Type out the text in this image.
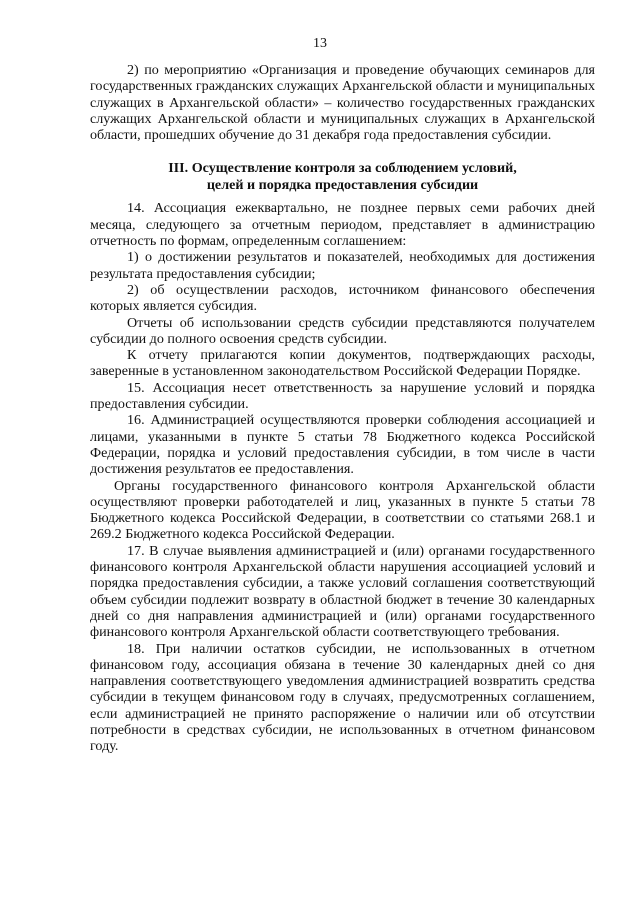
13

2) по мероприятию «Организация и проведение обучающих семинаров для государственных гражданских служащих Архангельской области и муниципальных служащих в Архангельской области» – количество государственных гражданских служащих Архангельской области и муниципальных служащих в Архангельской области, прошедших обучение до 31 декабря года предоставления субсидии.

III. Осуществление контроля за соблюдением условий,
целей и порядка предоставления субсидии

14. Ассоциация ежеквартально, не позднее первых семи рабочих дней месяца, следующего за отчетным периодом, представляет в администрацию отчетность по формам, определенным соглашением:

1) о достижении результатов и показателей, необходимых для достижения результата предоставления субсидии;

2) об осуществлении расходов, источником финансового обеспечения которых является субсидия.

Отчеты об использовании средств субсидии представляются получателем субсидии до полного освоения средств субсидии.

К отчету прилагаются копии документов, подтверждающих расходы, заверенные в установленном законодательством Российской Федерации Порядке.

15. Ассоциация несет ответственность за нарушение условий и порядка предоставления субсидии.

16. Администрацией осуществляются проверки соблюдения ассоциацией и лицами, указанными в пункте 5 статьи 78 Бюджетного кодекса Российской Федерации, порядка и условий предоставления субсидии, в том числе в части достижения результатов ее предоставления.

Органы государственного финансового контроля Архангельской области осуществляют проверки работодателей и лиц, указанных в пункте 5 статьи 78 Бюджетного кодекса Российской Федерации, в соответствии со статьями 268.1 и 269.2 Бюджетного кодекса Российской Федерации.

17. В случае выявления администрацией и (или) органами государственного финансового контроля Архангельской области нарушения ассоциацией условий и порядка предоставления субсидии, а также условий соглашения соответствующий объем субсидии подлежит возврату в областной бюджет в течение 30 календарных дней со дня направления администрацией и (или) органами государственного финансового контроля Архангельской области соответствующего требования.

18. При наличии остатков субсидии, не использованных в отчетном финансовом году, ассоциация обязана в течение 30 календарных дней со дня направления соответствующего уведомления администрацией возвратить средства субсидии в текущем финансовом году в случаях, предусмотренных соглашением, если администрацией не принято распоряжение о наличии или об отсутствии потребности в средствах субсидии, не использованных в отчетном финансовом году.
